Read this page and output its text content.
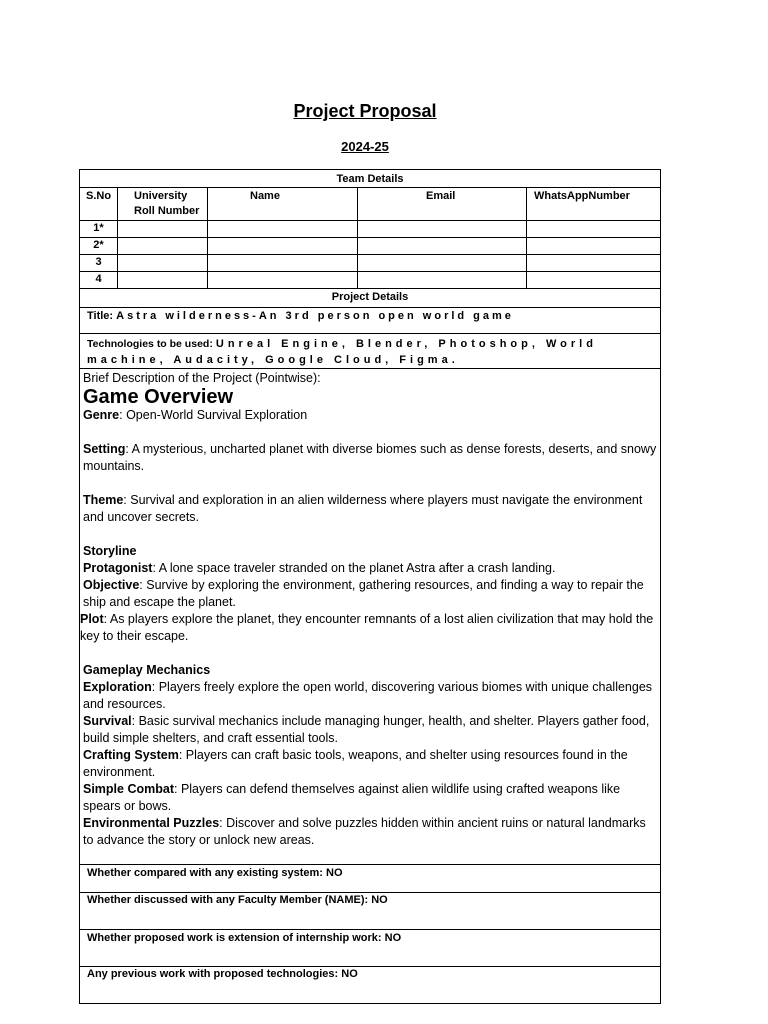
Project Proposal
2024-25
Team Details
S.No University
Roll Number
Name	Email	WhatsAppNumber
1*
2*
3
4
Project Details
Title: Astra wilderness-An 3rd person open world game
Technologies to be used: Unreal Engine, Blender, Photoshop, World machine, Audacity, Google Cloud, Figma.

Brief Description of the Project (Pointwise):

Game Overview

Genre: Open-World Survival Exploration

Setting: A mysterious, uncharted planet with diverse biomes such as dense forests, deserts, and snowy mountains.

Theme: Survival and exploration in an alien wilderness where players must navigate the environment and uncover secrets.

Storyline

Protagonist: A lone space traveler stranded on the planet Astra after a crash landing.

Objective: Survive by exploring the environment, gathering resources, and finding a way to repair the ship and escape the planet.

Plot: As players explore the planet, they encounter remnants of a lost alien civilization that may hold the key to their escape.

Gameplay Mechanics

Exploration: Players freely explore the open world, discovering various biomes with unique challenges and resources.

Survival: Basic survival mechanics include managing hunger, health, and shelter. Players gather food, build simple shelters, and craft essential tools.

Crafting System: Players can craft basic tools, weapons, and shelter using resources found in the environment.

Simple Combat: Players can defend themselves against alien wildlife using crafted weapons like spears or bows.

Environmental Puzzles: Discover and solve puzzles hidden within ancient ruins or natural landmarks to advance the story or unlock new areas.

Whether compared with any existing system: NO
Whether discussed with any Faculty Member (NAME): NO
Whether proposed work is extension of internship work: NO
Any previous work with proposed technologies: NO
